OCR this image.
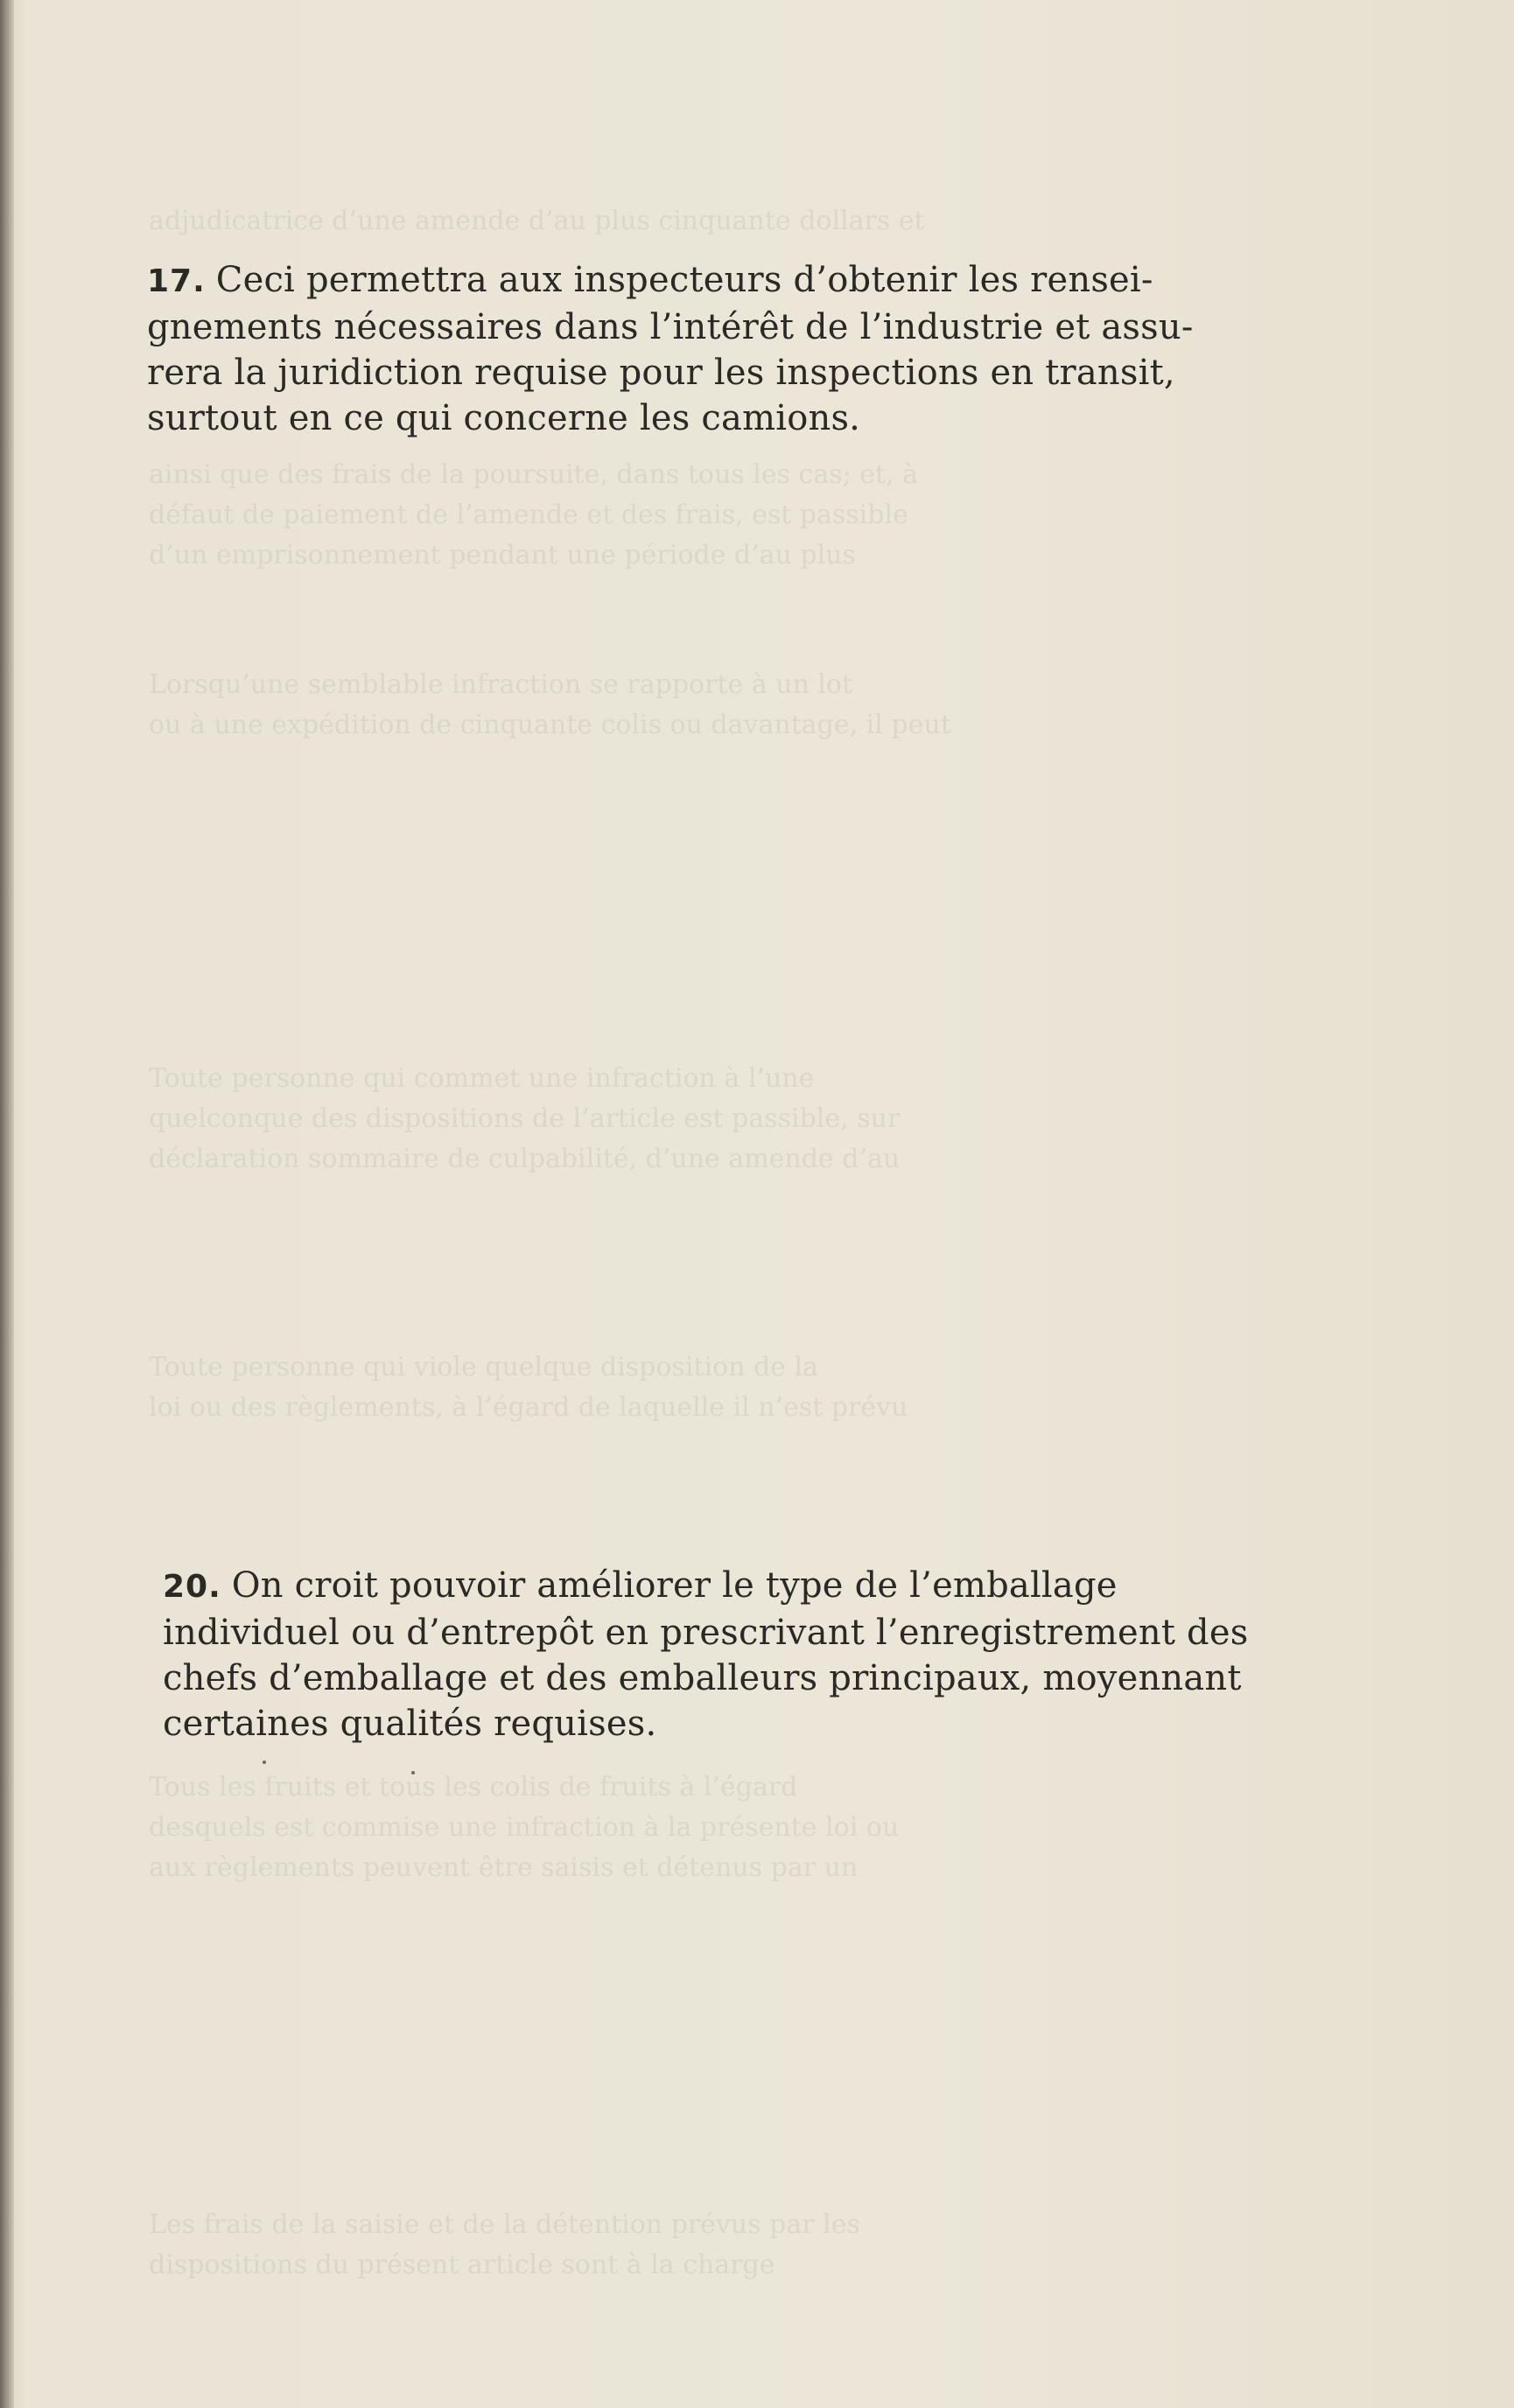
adjudicatrice d’une amende d’au plus cinquante dollars et
ainsi que des frais de la poursuite, dans tous les cas; et, à
défaut de paiement de l’amende et des frais, est passible
d’un emprisonnement pendant une période d’au plus
Lorsqu’une semblable infraction se rapporte à un lot
ou à une expédition de cinquante colis ou davantage, il peut
Toute personne qui commet une infraction à l’une
quelconque des dispositions de l’article est passible, sur
déclaration sommaire de culpabilité, d’une amende d’au
Toute personne qui viole quelque disposition de la
loi ou des règlements, à l’égard de laquelle il n’est prévu
Tous les fruits et tous les colis de fruits à l’égard
desquels est commise une infraction à la présente loi ou
aux règlements peuvent être saisis et détenus par un
Les frais de la saisie et de la détention prévus par les
dispositions du présent article sont à la charge
17. Ceci permettra aux inspecteurs d’obtenir les rensei-
gnements nécessaires dans l’intérêt de l’industrie et assu-
rera la juridiction requise pour les inspections en transit,
surtout en ce qui concerne les camions.
20. On croit pouvoir améliorer le type de l’emballage
individuel ou d’entrepôt en prescrivant l’enregistrement des
chefs d’emballage et des emballeurs principaux, moyennant
certaines qualités requises.
